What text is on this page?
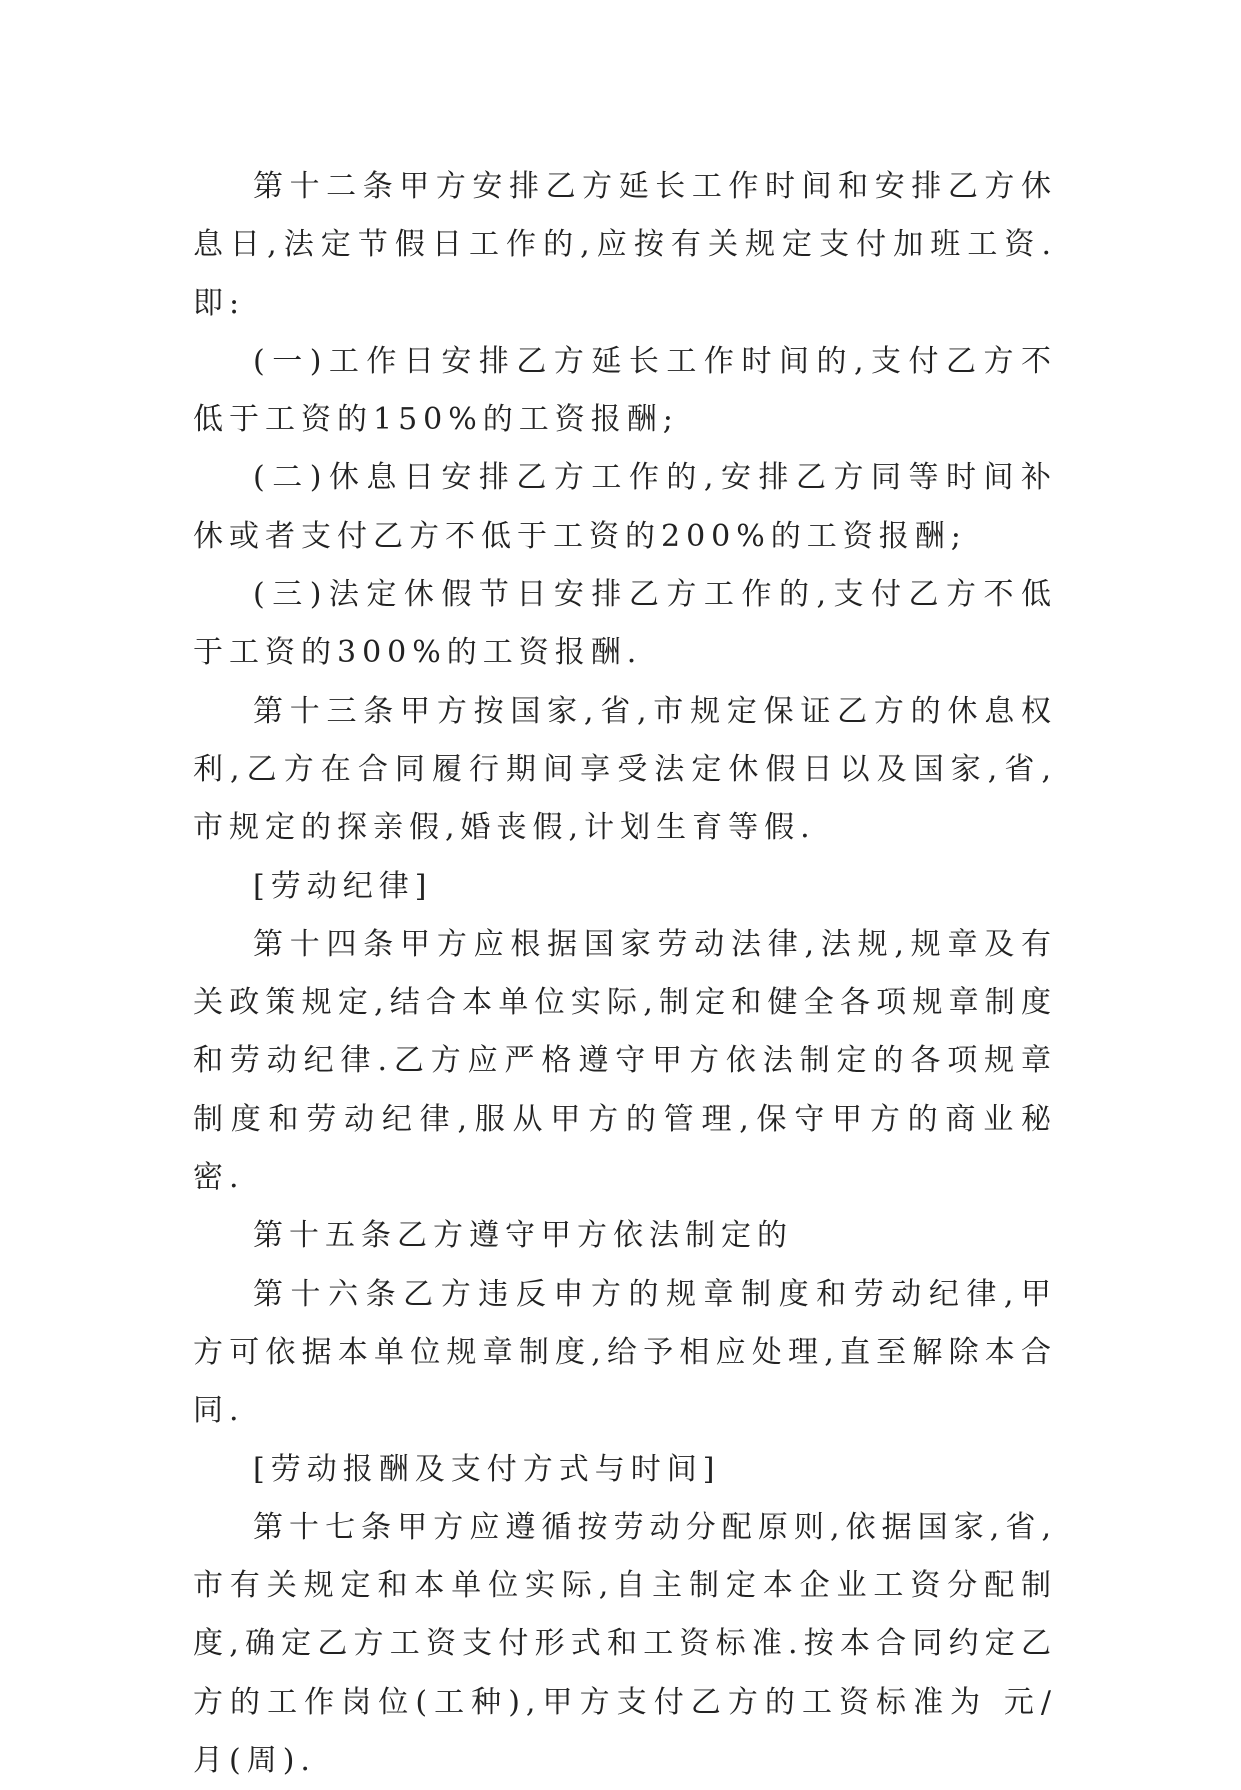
第十二条甲方安排乙方延长工作时间和安排乙方休息日,法定节假日工作的,应按有关规定支付加班工资.即:

(一)工作日安排乙方延长工作时间的,支付乙方不低于工资的150%的工资报酬;

(二)休息日安排乙方工作的,安排乙方同等时间补休或者支付乙方不低于工资的200%的工资报酬;

(三)法定休假节日安排乙方工作的,支付乙方不低于工资的300%的工资报酬.

第十三条甲方按国家,省,市规定保证乙方的休息权利,乙方在合同履行期间享受法定休假日以及国家,省,市规定的探亲假,婚丧假,计划生育等假.

[劳动纪律]

第十四条甲方应根据国家劳动法律,法规,规章及有关政策规定,结合本单位实际,制定和健全各项规章制度和劳动纪律.乙方应严格遵守甲方依法制定的各项规章制度和劳动纪律,服从甲方的管理,保守甲方的商业秘密.

第十五条乙方遵守甲方依法制定的

第十六条乙方违反申方的规章制度和劳动纪律,甲方可依据本单位规章制度,给予相应处理,直至解除本合同.

[劳动报酬及支付方式与时间]

第十七条甲方应遵循按劳动分配原则,依据国家,省,市有关规定和本单位实际,自主制定本企业工资分配制度,确定乙方工资支付形式和工资标准.按本合同约定乙方的工作岗位(工种),甲方支付乙方的工资标准为 元/月(周).
